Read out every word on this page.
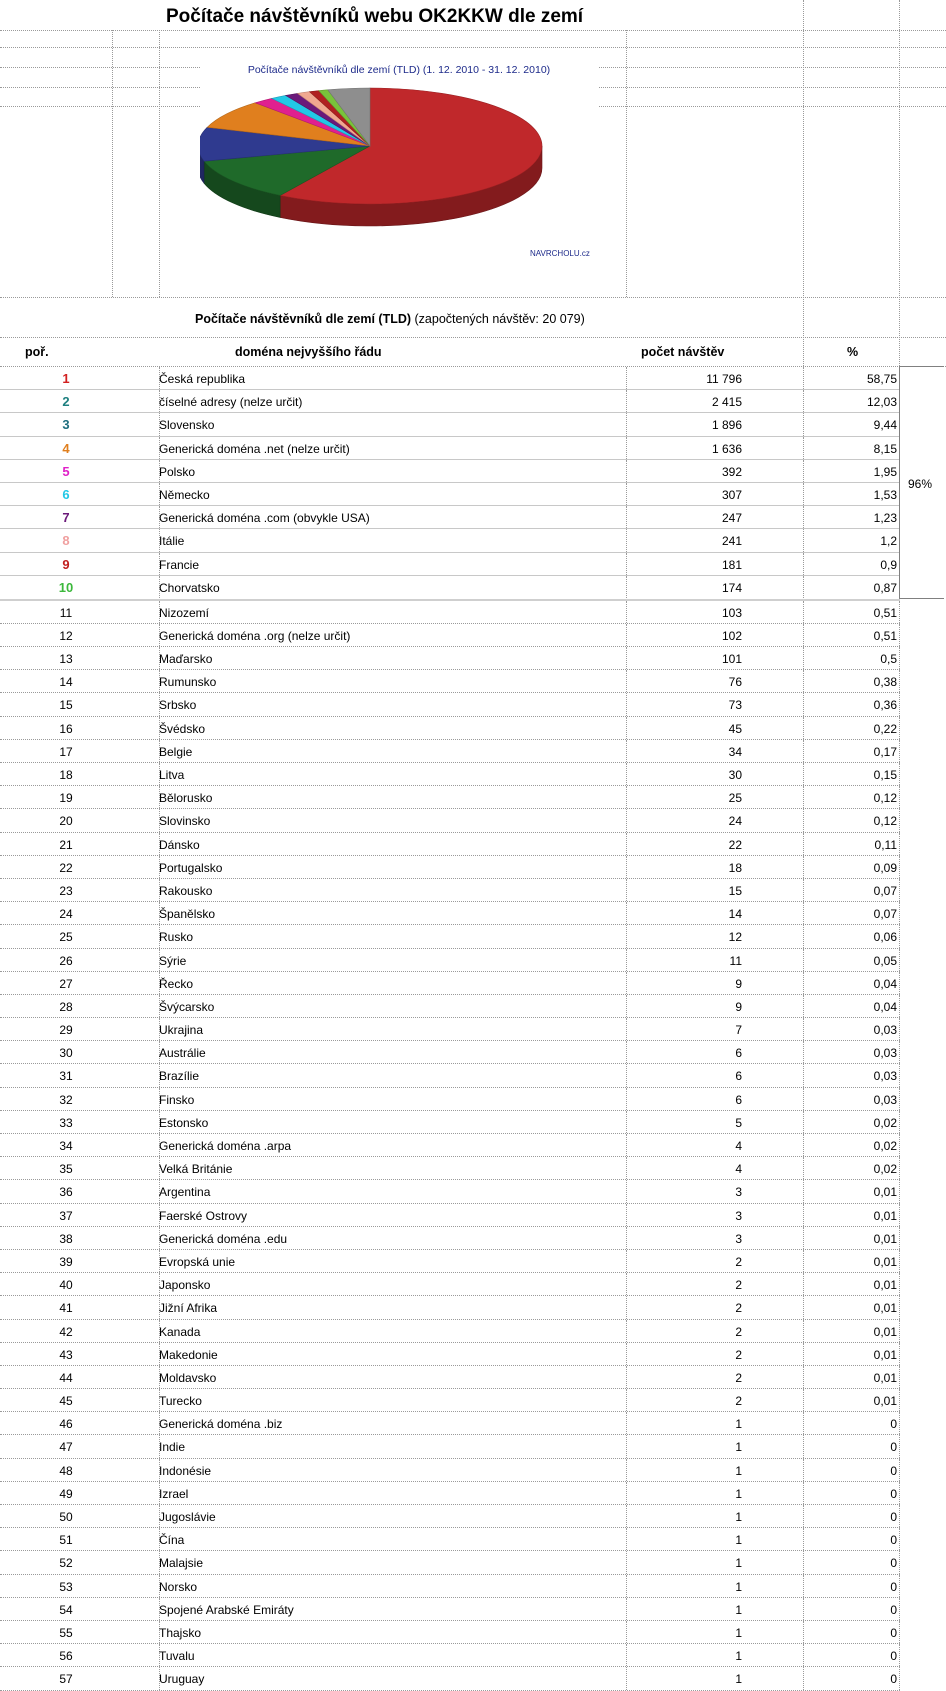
Počítače návštěvníků webu OK2KKW dle zemí
Počítače návštěvníků dle zemí (TLD) (1. 12. 2010 - 31. 12. 2010)
NAVRCHOLU.cz
Počítače návštěvníků dle zemí (TLD) (započtených návštěv: 20 079)
poř.	doména nejvyššího řádu	počet návštěv	%
1	Česká republika	11 796	58,75
2	číselné adresy (nelze určit)	2 415	12,03
3	Slovensko	1 896	9,44
4	Generická doména .net (nelze určit)	1 636	8,15
5	Polsko	392	1,95
6	Německo	307	1,53
7	Generická doména .com (obvykle USA)	247	1,23
8	Itálie	241	1,2
9	Francie	181	0,9
10	Chorvatsko	174	0,87
11	Nizozemí	103	0,51
12	Generická doména .org (nelze určit)	102	0,51
13	Maďarsko	101	0,5
14	Rumunsko	76	0,38
15	Srbsko	73	0,36
16	Švédsko	45	0,22
17	Belgie	34	0,17
18	Litva	30	0,15
19	Bělorusko	25	0,12
20	Slovinsko	24	0,12
21	Dánsko	22	0,11
22	Portugalsko	18	0,09
23	Rakousko	15	0,07
24	Španělsko	14	0,07
25	Rusko	12	0,06
26	Sýrie	11	0,05
27	Řecko	9	0,04
28	Švýcarsko	9	0,04
29	Ukrajina	7	0,03
30	Austrálie	6	0,03
31	Brazílie	6	0,03
32	Finsko	6	0,03
33	Estonsko	5	0,02
34	Generická doména .arpa	4	0,02
35	Velká Británie	4	0,02
36	Argentina	3	0,01
37	Faerské Ostrovy	3	0,01
38	Generická doména .edu	3	0,01
39	Evropská unie	2	0,01
40	Japonsko	2	0,01
41	Jižní Afrika	2	0,01
42	Kanada	2	0,01
43	Makedonie	2	0,01
44	Moldavsko	2	0,01
45	Turecko	2	0,01
46	Generická doména .biz	1	0
47	Indie	1	0
48	Indonésie	1	0
49	Izrael	1	0
50	Jugoslávie	1	0
51	Čína	1	0
52	Malajsie	1	0
53	Norsko	1	0
54	Spojené Arabské Emiráty	1	0
55	Thajsko	1	0
56	Tuvalu	1	0
57	Uruguay	1	0
96%
